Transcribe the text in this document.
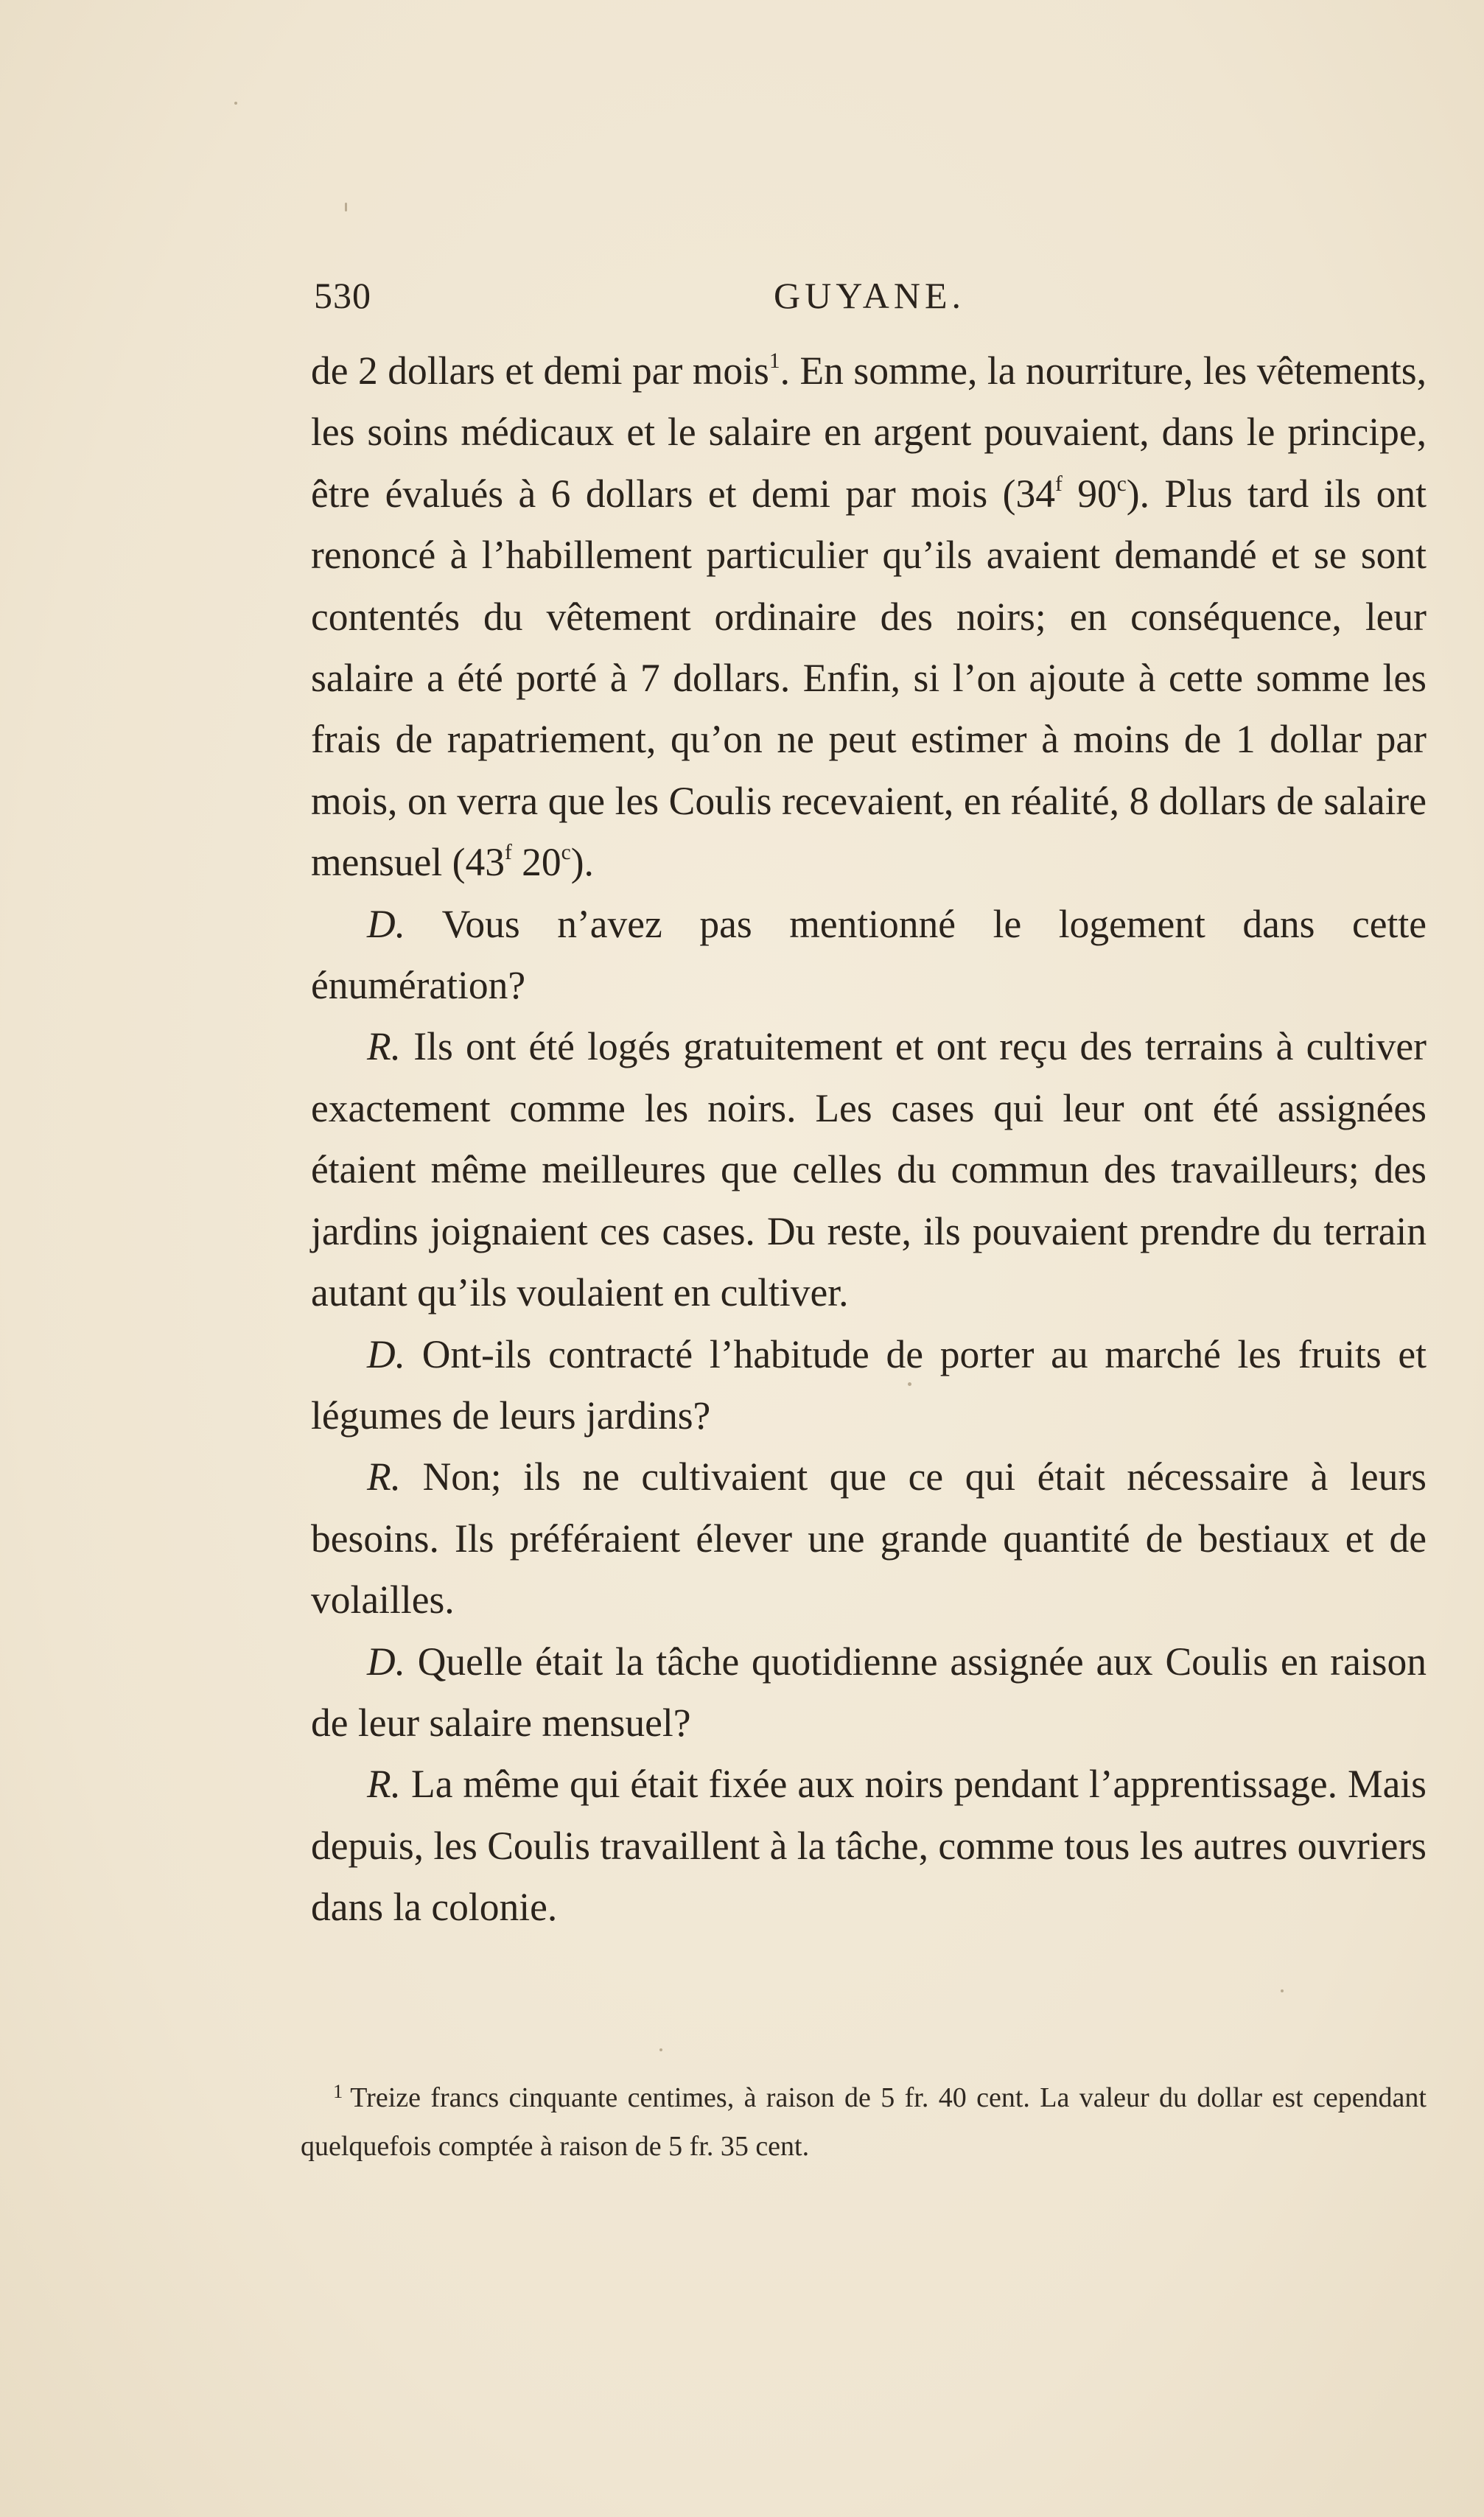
530	GUYANE.

de 2 dollars et demi par mois$^1$. En somme, la nourriture, les vêtements, les soins médicaux et le salaire en argent pouvaient, dans le principe, être évalués à 6 dollars et demi par mois (34$^f$ 90$^c$). Plus tard ils ont renoncé à l’habillement particulier qu’ils avaient demandé et se sont contentés du vêtement ordinaire des noirs; en conséquence, leur salaire a été porté à 7 dollars. Enfin, si l’on ajoute à cette somme les frais de rapatriement, qu’on ne peut estimer à moins de 1 dollar par mois, on verra que les Coulis recevaient, en réalité, 8 dollars de salaire mensuel (43$^f$ 20$^c$).

D. Vous n’avez pas mentionné le logement dans cette énumération?

R. Ils ont été logés gratuitement et ont reçu des terrains à cultiver exactement comme les noirs. Les cases qui leur ont été assignées étaient même meilleures que celles du commun des travailleurs; des jardins joignaient ces cases. Du reste, ils pouvaient prendre du terrain autant qu’ils voulaient en cultiver.

D. Ont-ils contracté l’habitude de porter au marché les fruits et légumes de leurs jardins?

R. Non; ils ne cultivaient que ce qui était nécessaire à leurs besoins. Ils préféraient élever une grande quantité de bestiaux et de volailles.

D. Quelle était la tâche quotidienne assignée aux Coulis en raison de leur salaire mensuel?

R. La même qui était fixée aux noirs pendant l’apprentissage. Mais depuis, les Coulis travaillent à la tâche, comme tous les autres ouvriers dans la colonie.

$^1$ Treize francs cinquante centimes, à raison de 5 fr. 40 cent. La valeur du dollar est cependant quelquefois comptée à raison de 5 fr. 35 cent.
